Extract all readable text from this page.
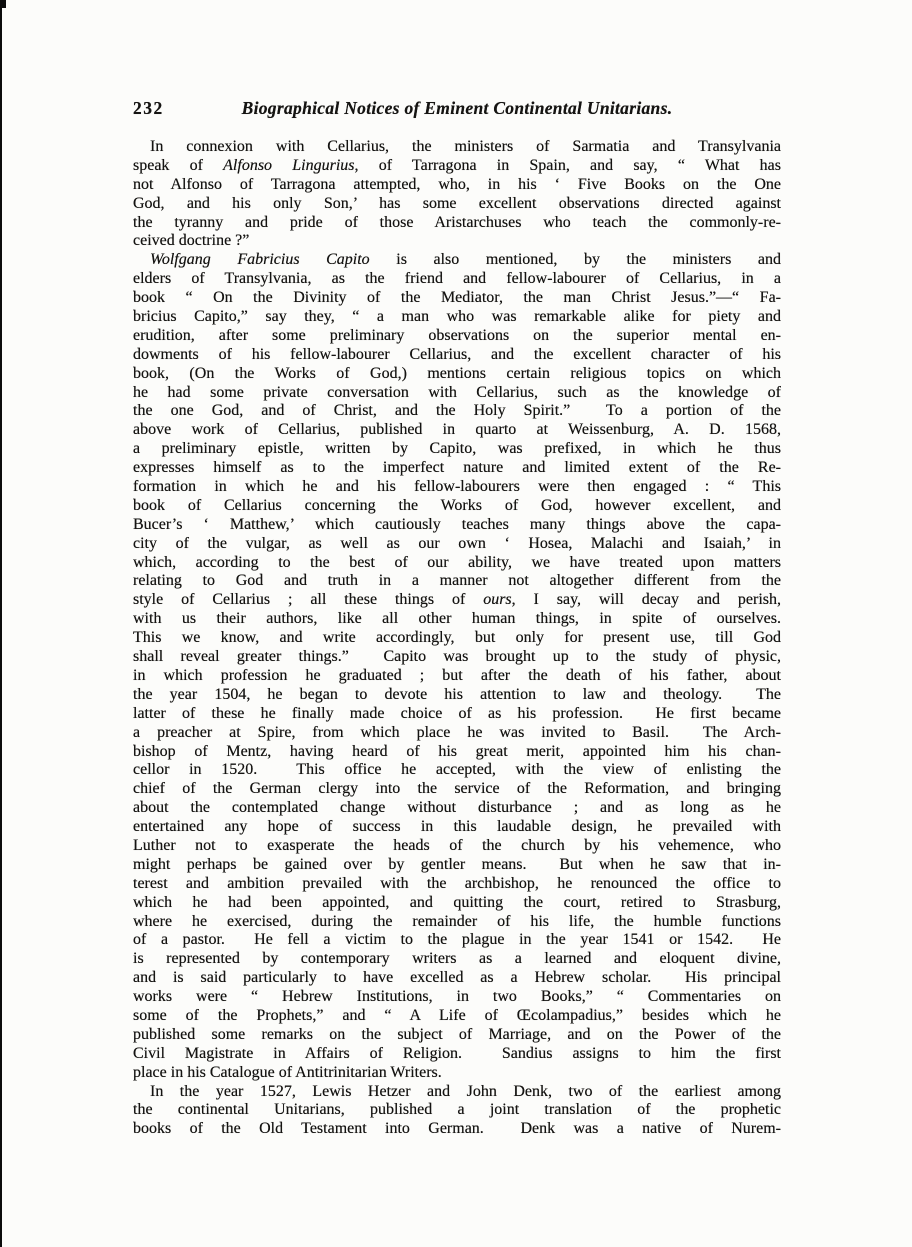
232	Biographical Notices of Eminent Continental Unitarians.
In connexion with Cellarius, the ministers of Sarmatia and Transylvania
speak of Alfonso Lingurius, of Tarragona in Spain, and say, “ What has
not Alfonso of Tarragona attempted, who, in his ‘ Five Books on the One
God, and his only Son,’ has some excellent observations directed against
the tyranny and pride of those Aristarchuses who teach the commonly-re-
ceived doctrine ?”
Wolfgang Fabricius Capito is also mentioned, by the ministers and
elders of Transylvania, as the friend and fellow-labourer of Cellarius, in a
book “ On the Divinity of the Mediator, the man Christ Jesus.”—“ Fa-
bricius Capito,” say they, “ a man who was remarkable alike for piety and
erudition, after some preliminary observations on the superior mental en-
dowments of his fellow-labourer Cellarius, and the excellent character of his
book, (On the Works of God,) mentions certain religious topics on which
he had some private conversation with Cellarius, such as the knowledge of
the one God, and of Christ, and the Holy Spirit.”  To a portion of the
above work of Cellarius, published in quarto at Weissenburg, A. D. 1568,
a preliminary epistle, written by Capito, was prefixed, in which he thus
expresses himself as to the imperfect nature and limited extent of the Re-
formation in which he and his fellow-labourers were then engaged : “ This
book of Cellarius concerning the Works of God, however excellent, and
Bucer’s ‘ Matthew,’ which cautiously teaches many things above the capa-
city of the vulgar, as well as our own ‘ Hosea, Malachi and Isaiah,’ in
which, according to the best of our ability, we have treated upon matters
relating to God and truth in a manner not altogether different from the
style of Cellarius ; all these things of ours, I say, will decay and perish,
with us their authors, like all other human things, in spite of ourselves.
This we know, and write accordingly, but only for present use, till God
shall reveal greater things.”  Capito was brought up to the study of physic,
in which profession he graduated ; but after the death of his father, about
the year 1504, he began to devote his attention to law and theology.  The
latter of these he finally made choice of as his profession.  He first became
a preacher at Spire, from which place he was invited to Basil.  The Arch-
bishop of Mentz, having heard of his great merit, appointed him his chan-
cellor in 1520.  This office he accepted, with the view of enlisting the
chief of the German clergy into the service of the Reformation, and bringing
about the contemplated change without disturbance ; and as long as he
entertained any hope of success in this laudable design, he prevailed with
Luther not to exasperate the heads of the church by his vehemence, who
might perhaps be gained over by gentler means.  But when he saw that in-
terest and ambition prevailed with the archbishop, he renounced the office to
which he had been appointed, and quitting the court, retired to Strasburg,
where he exercised, during the remainder of his life, the humble functions
of a pastor.  He fell a victim to the plague in the year 1541 or 1542.  He
is represented by contemporary writers as a learned and eloquent divine,
and is said particularly to have excelled as a Hebrew scholar.  His principal
works were “ Hebrew Institutions, in two Books,” “ Commentaries on
some of the Prophets,” and “ A Life of Œcolampadius,” besides which he
published some remarks on the subject of Marriage, and on the Power of the
Civil Magistrate in Affairs of Religion.  Sandius assigns to him the first
place in his Catalogue of Antitrinitarian Writers.
In the year 1527, Lewis Hetzer and John Denk, two of the earliest among
the continental Unitarians, published a joint translation of the prophetic
books of the Old Testament into German.  Denk was a native of Nurem-
